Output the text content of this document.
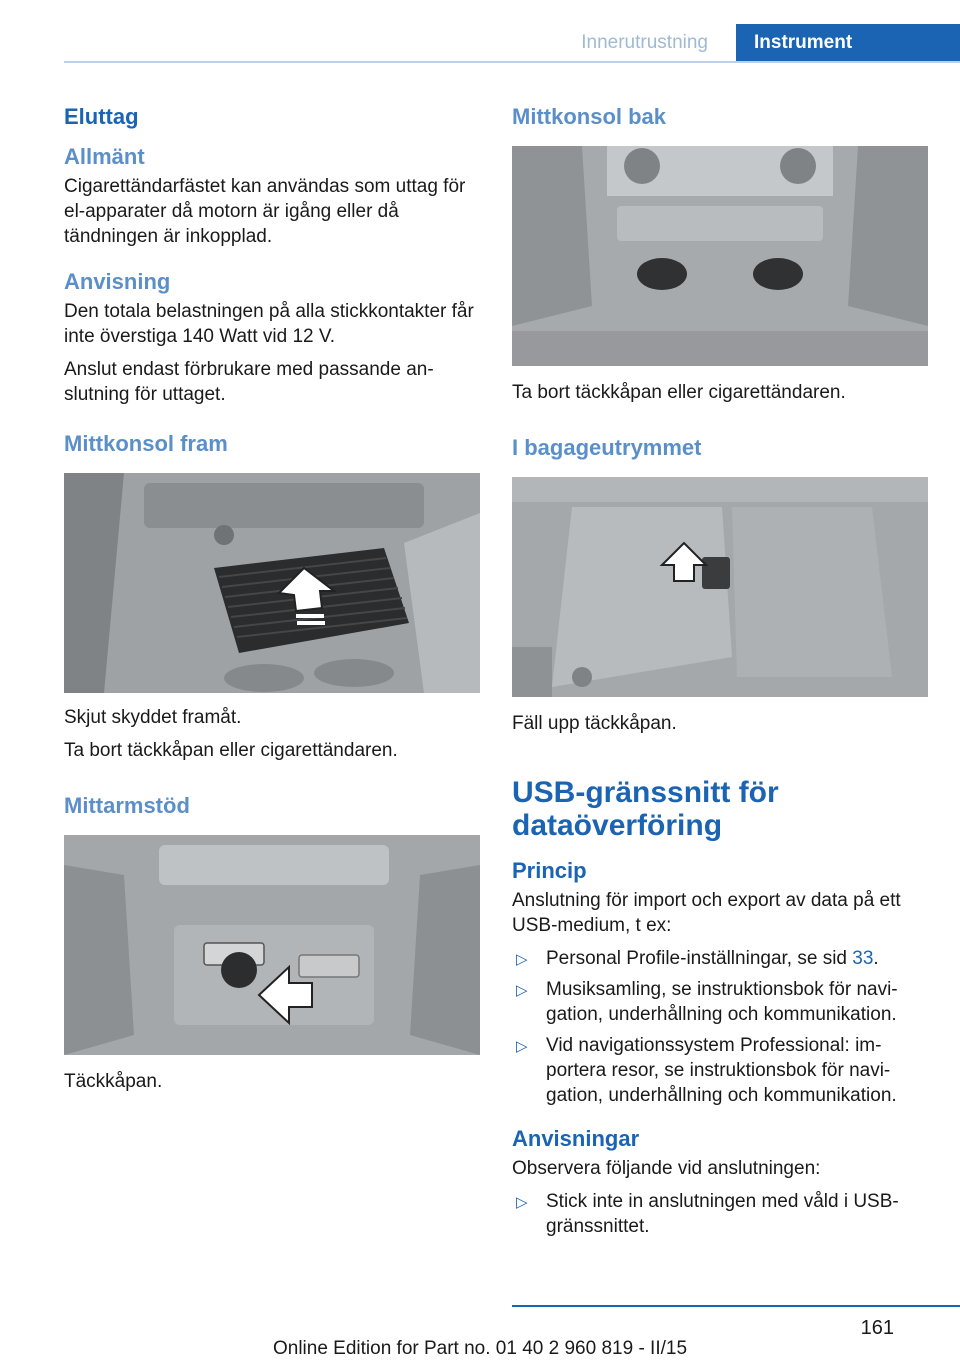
Innerutrustning	Instrument
Eluttag
Allmänt
Cigarettändarfästet kan användas som uttag för el-apparater då motorn är igång eller då tändningen är inkopplad.
Anvisning
Den totala belastningen på alla stickkontakter får inte överstiga 140 Watt vid 12 V.
Anslut endast förbrukare med passande an-slutning för uttaget.
Mittkonsol fram
Skjut skyddet framåt.
Ta bort täckkåpan eller cigarettändaren.
Mittarmstöd
Täckkåpan.
Mittkonsol bak
Ta bort täckkåpan eller cigarettändaren.
I bagageutrymmet
Fäll upp täckkåpan.
USB-gränssnitt för dataöverföring
Princip
Anslutning för import och export av data på ett USB-medium, t ex:
▷ Personal Profile-inställningar, se sid 33.
▷ Musiksamling, se instruktionsbok för navi-gation, underhållning och kommunikation.
▷ Vid navigationssystem Professional: im-portera resor, se instruktionsbok för navi-gation, underhållning och kommunikation.
Anvisningar
Observera följande vid anslutningen:
▷ Stick inte in anslutningen med våld i USB-gränssnittet.
161
Online Edition for Part no. 01 40 2 960 819 - II/15
